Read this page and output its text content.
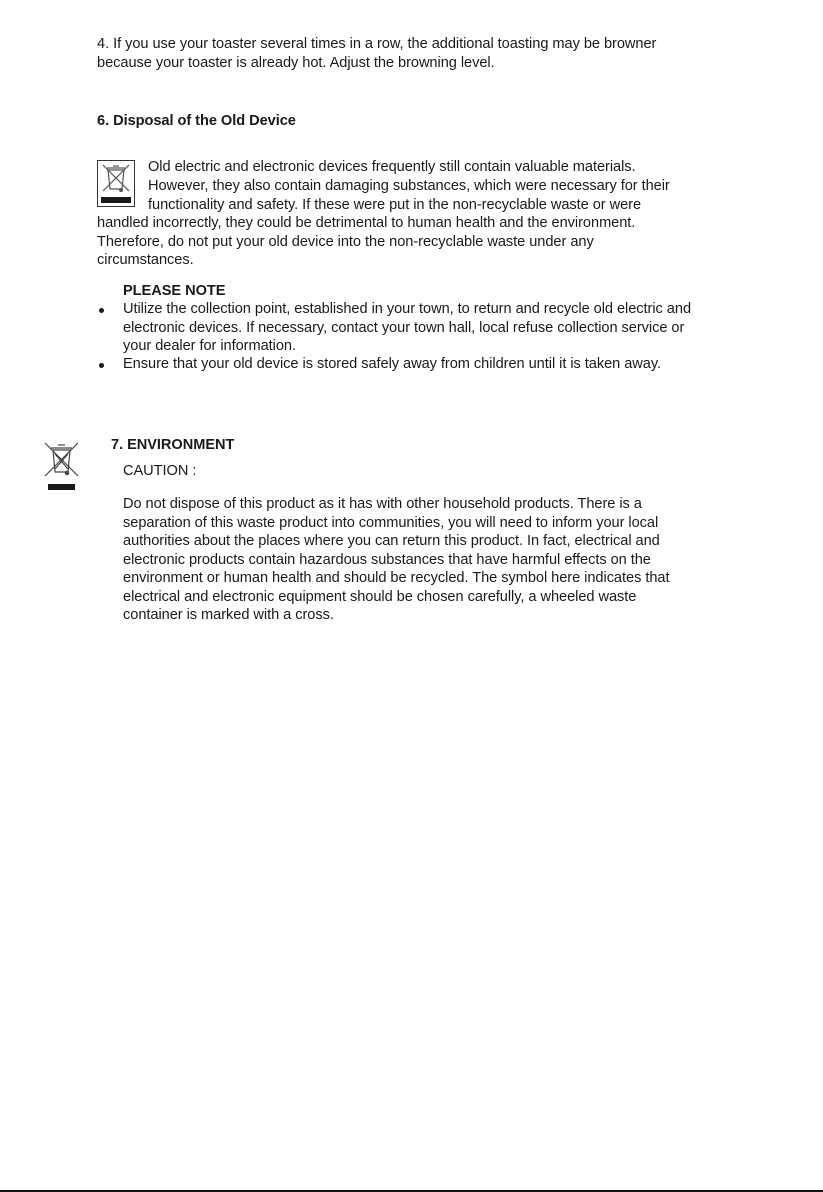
4. If you use your toaster several times in a row, the additional toasting may be browner
because your toaster is already hot. Adjust the browning level.
6. Disposal of the Old Device
Old electric and electronic devices frequently still contain valuable materials.
However, they also contain damaging substances, which were necessary for their
functionality and safety. If these were put in the non-recyclable waste or were
handled incorrectly, they could be detrimental to human health and the environment.
Therefore, do not put your old device into the non-recyclable waste under any
circumstances.
PLEASE NOTE
Utilize the collection point, established in your town, to return and recycle old electric and
electronic devices. If necessary, contact your town hall, local refuse collection service or
your dealer for information.
Ensure that your old device is stored safely away from children until it is taken away.
7. ENVIRONMENT
CAUTION :
Do not dispose of this product as it has with other household products. There is a
separation of this waste product into communities, you will need to inform your local
authorities about the places where you can return this product. In fact, electrical and
electronic products contain hazardous substances that have harmful effects on the
environment or human health and should be recycled. The symbol here indicates that
electrical and electronic equipment should be chosen carefully, a wheeled waste
container is marked with a cross.
